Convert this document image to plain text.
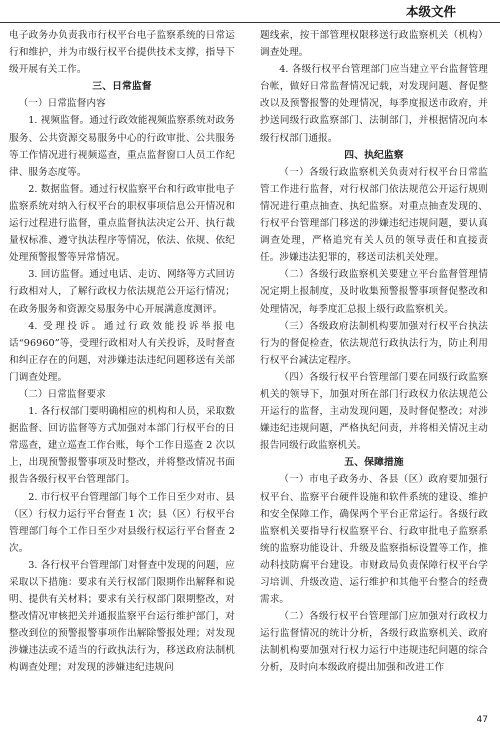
本级文件

电子政务办负责我市行权平台电子监察系统的日常运行和维护，并为市级行权平台提供技术支撑，指导下级开展有关工作。

三、日常监督
（一）日常监督内容

1. 视频监督。通过行政效能视频监察系统对政务服务、公共资源交易服务中心的行政审批、公共服务等工作情况进行视频巡查，重点监督窗口人员工作纪律、服务态度等。

2. 数据监督。通过行权监察平台和行政审批电子监察系统对纳入行权平台的职权事项信息公开情况和运行过程进行监督，重点监督执法决定公开、执行裁量权标准、遵守执法程序等情况，依法、依规、依纪处理预警报警等异常情况。

3. 回访监督。通过电话、走访、网络等方式回访行政相对人，了解行政权力依法规范公开运行情况；在政务服务和资源交易服务中心开展满意度测评。

4. 受理投诉。通过行政效能投诉举报电话“96960”等，受理行政相对人有关投诉，及时督查和纠正存在的问题，对涉嫌违法违纪问题移送有关部门调查处理。

（二）日常监督要求

1. 各行权部门要明确相应的机构和人员，采取数据监督、回访监督等方式加强对本部门行权平台的日常巡查，建立巡查工作台账，每个工作日巡查 2 次以上，出现预警报警事项及时整改，并将整改情况书面报告各级行权平台管理部门。

2. 市行权平台管理部门每个工作日至少对市、县（区）行权力运行平台督查 1 次；县（区）行权平台管理部门每个工作日至少对县级行权运行平台督查 2 次。

3. 各行权平台管理部门对督查中发现的问题，应采取以下措施：要求有关行权部门限期作出解释和说明、提供有关材料；要求有关行权部门限期整改，对整改情况审核把关并通报监察平台运行维护部门，对整改到位的预警报警事项作出解除警报处理；对发现涉嫌违法或不适当的行政执法行为，移送政府法制机构调查处理；对发现的涉嫌违纪违规问

题线索，按干部管理权限移送行政监察机关（机构）调查处理。

4. 各级行权平台管理部门应当建立平台监督管理台帐，做好日常监督情况记载，对发现问题、督促整改以及预警报警的处理情况，每季度报送市政府，并抄送同级行政监察部门、法制部门，并根据情况向本级行权部门通报。

四、执纪监察

（一）各级行政监察机关负责对行权平台日常监管工作进行监督，对行权部门依法规范公开运行规则情况进行重点抽查、执纪监察。对重点抽查发现的、行权平台管理部门移送的涉嫌违纪违规问题，要认真调查处理，严格追究有关人员的领导责任和直接责任。涉嫌违法犯罪的，移送司法机关处理。

（二）各级行政监察机关要建立平台监督管理情况定期上报制度，及时收集预警报警事项督促整改和处理情况，每季度汇总报上级行政监察机关。

（三）各级政府法制机构要加强对行权平台执法行为的督促检查，依法规范行政执法行为，防止利用行权平台减法定程序。

（四）各级行权平台管理部门要在同级行政监察机关的领导下，加强对所在部门行政权力依法规范公开运行的监督，主动发现问题，及时督促整改；对涉嫌违纪违规问题，严格执纪问责，并将相关情况主动报告同级行政监察机关。

五、保障措施

（一）市电子政务办、各县（区）政府要加强行权平台、监察平台硬件设施和软件系统的建设、维护和安全保障工作，确保两个平台正常运行。各级行政监察机关要指导行权监察平台、行政审批电子监察系统的监察功能设计、升级及监察指标设置等工作，推动科技防腐平台建设。市财政局负责保障行权平台学习培训、升级改造、运行维护和其他平台整合的经费需求。

（二）各级行权平台管理部门应加强对行政权力运行监督情况的统计分析，各级行政监察机关、政府法制机构要加强对行权力运行中违规违纪问题的综合分析，及时向本级政府提出加强和改进工作

47
